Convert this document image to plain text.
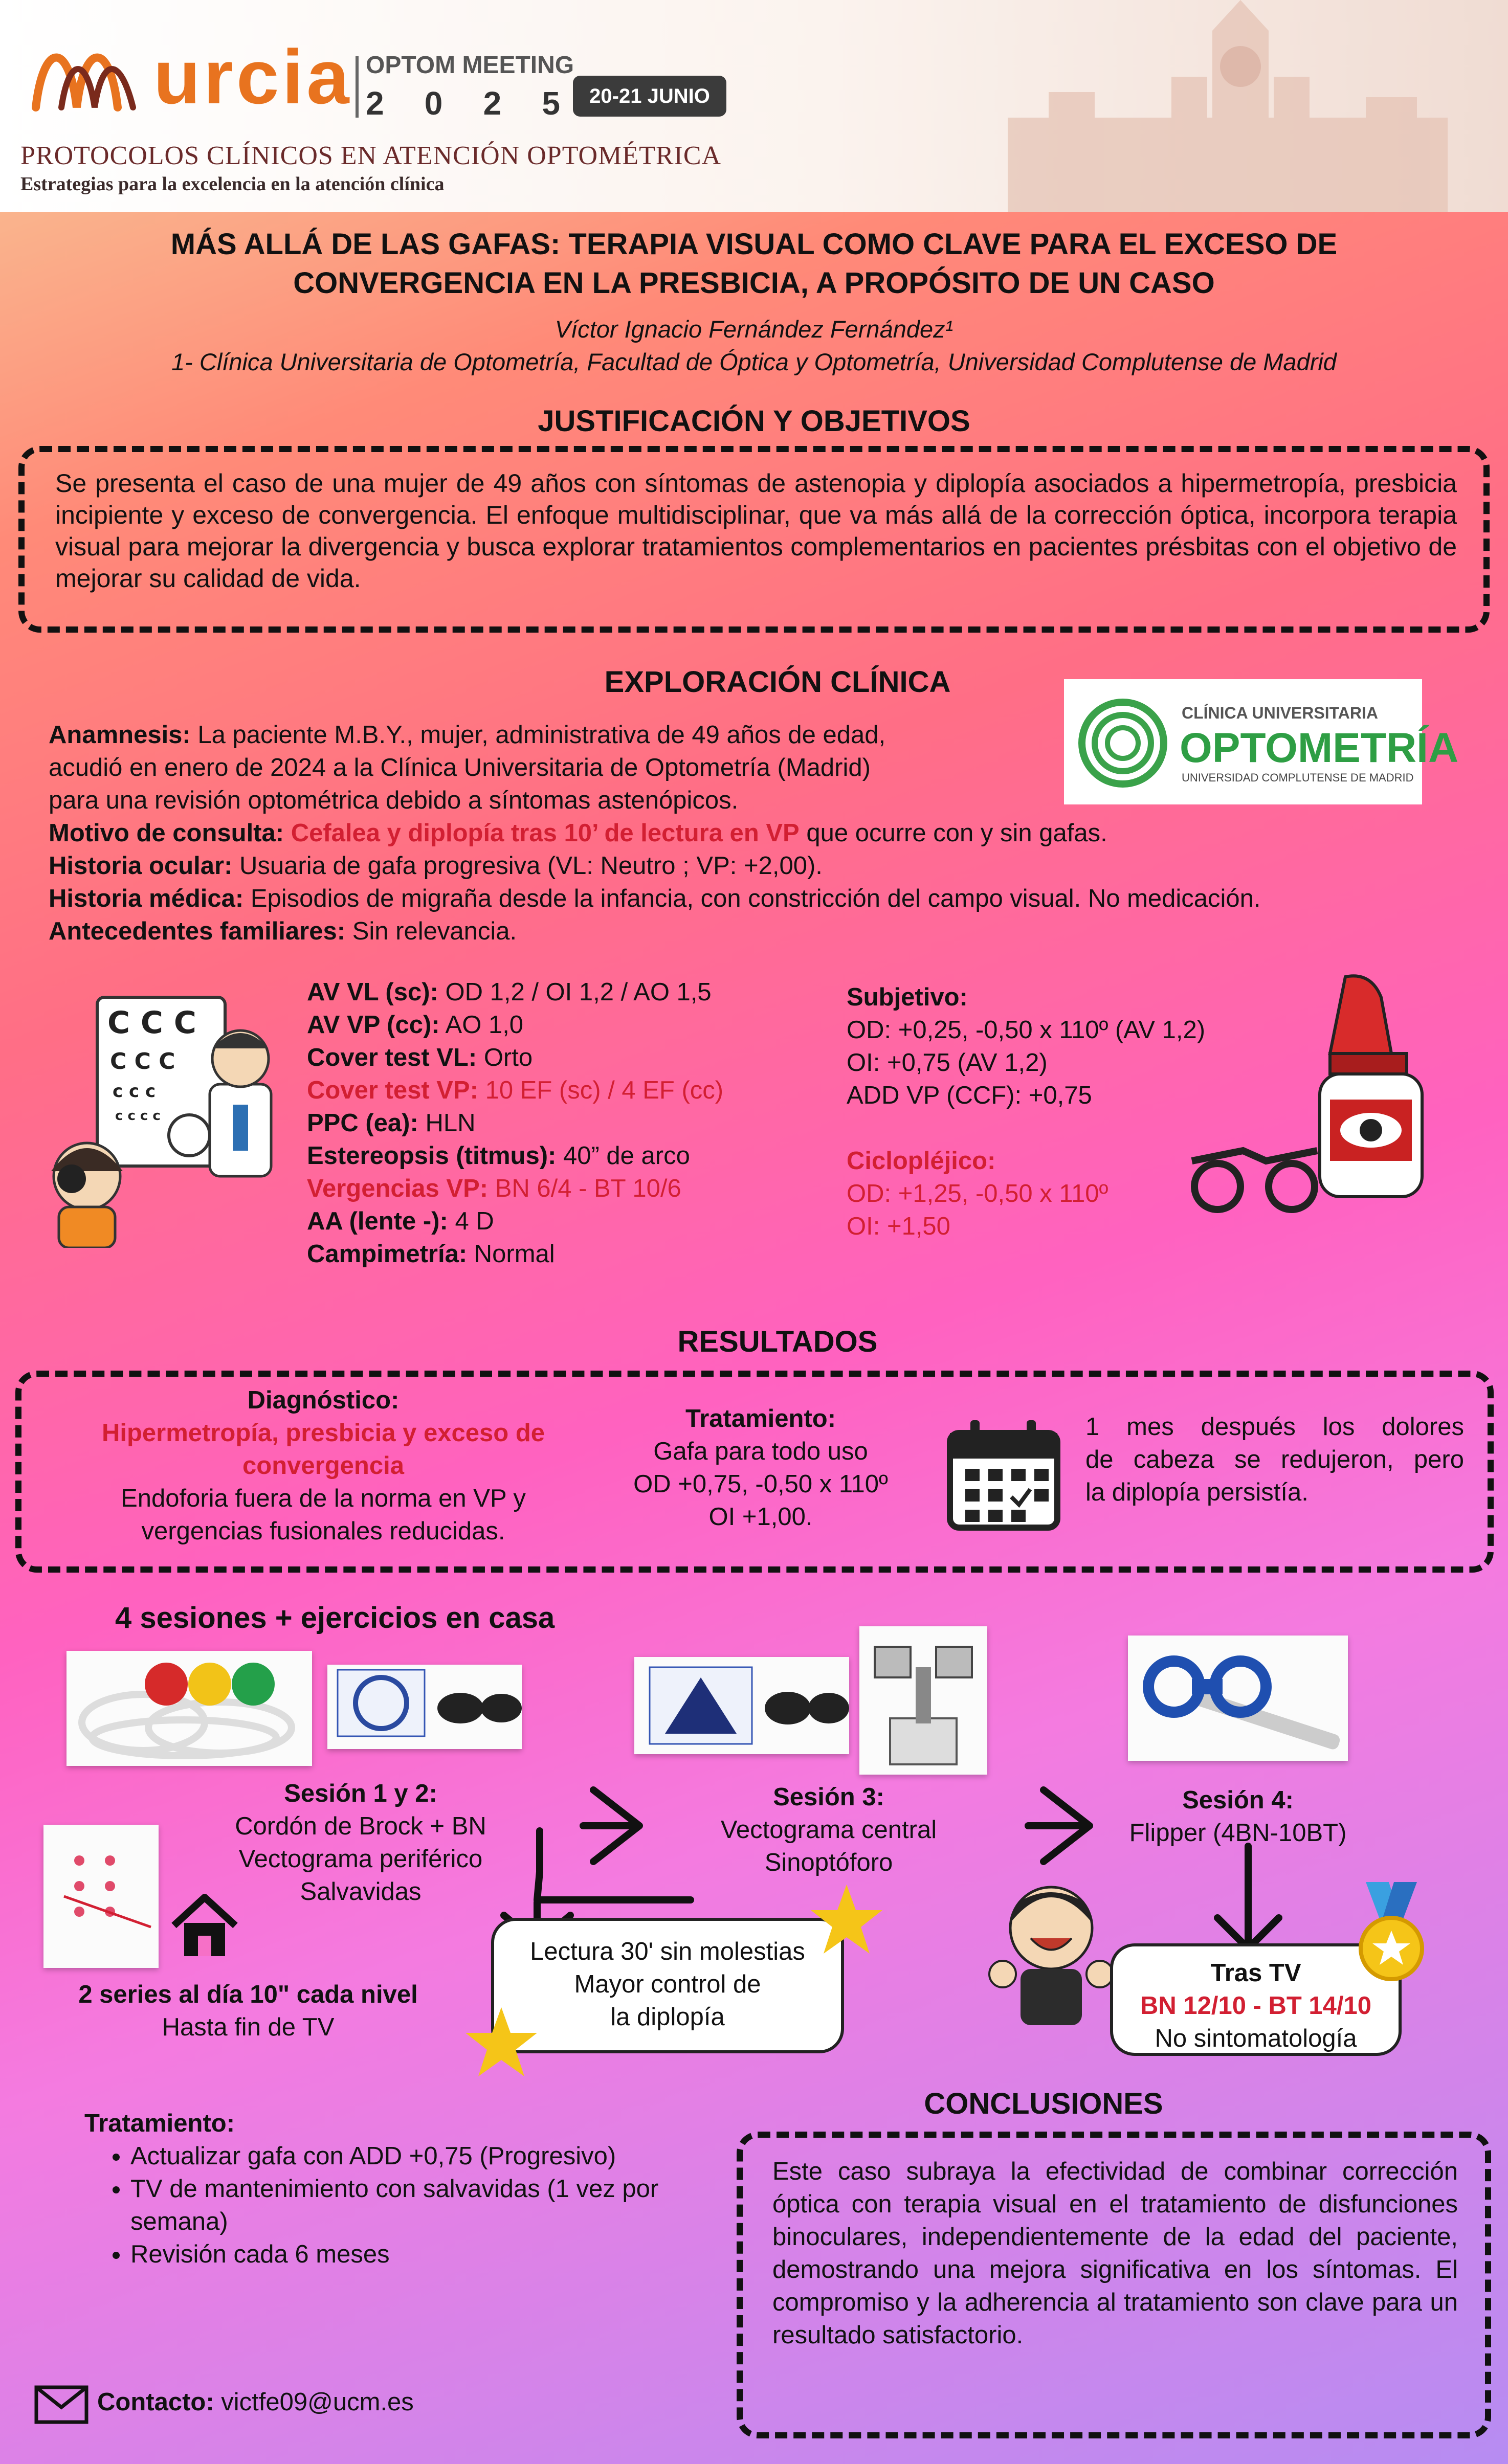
urcia OPTOM MEETING
2 0 2 5	20-21 JUNIO
PROTOCOLOS CLÍNICOS EN ATENCIÓN OPTOMÉTRICA
Estrategias para la excelencia en la atención clínica
MÁS ALLÁ DE LAS GAFAS: TERAPIA VISUAL COMO CLAVE PARA EL EXCESO DE
CONVERGENCIA EN LA PRESBICIA, A PROPÓSITO DE UN CASO
Víctor Ignacio Fernández Fernández¹
1- Clínica Universitaria de Optometría, Facultad de Óptica y Optometría, Universidad Complutense de Madrid
JUSTIFICACIÓN Y OBJETIVOS
Se presenta el caso de una mujer de 49 años con síntomas de astenopia y diplopía asociados a hipermetropía, presbicia incipiente y exceso de convergencia. El enfoque multidisciplinar, que va más allá de la corrección óptica, incorpora terapia visual para mejorar la divergencia y busca explorar tratamientos complementarios en pacientes présbitas con el objetivo de mejorar su calidad de vida.
EXPLORACIÓN CLÍNICA
CLÍNICA UNIVERSITARIA
OPTOMETRÍA
UNIVERSIDAD COMPLUTENSE DE MADRID
Anamnesis: La paciente M.B.Y., mujer, administrativa de 49 años de edad,
acudió en enero de 2024 a la Clínica Universitaria de Optometría (Madrid)
para una revisión optométrica debido a síntomas astenópicos.
Motivo de consulta: Cefalea y diplopía tras 10’ de lectura en VP que ocurre con y sin gafas.
Historia ocular: Usuaria de gafa progresiva (VL: Neutro ; VP: +2,00).
Historia médica: Episodios de migraña desde la infancia, con constricción del campo visual. No medicación.
Antecedentes familiares: Sin relevancia.
C C C
C C C
c c c
c c c c
AV VL (sc): OD 1,2 / OI 1,2 / AO 1,5
AV VP (cc): AO 1,0
Cover test VL: Orto
Cover test VP: 10 EF (sc) / 4 EF (cc)
PPC (ea): HLN
Estereopsis (titmus): 40” de arco
Vergencias VP: BN 6/4 - BT 10/6
AA (lente -): 4 D
Campimetría: Normal
Subjetivo:
OD: +0,25, -0,50 x 110º (AV 1,2)
OI: +0,75 (AV 1,2)
ADD VP (CCF): +0,75
Ciclopléjico:
OD: +1,25, -0,50 x 110º
OI: +1,50
RESULTADOS
Diagnóstico:
Hipermetropía, presbicia y exceso de
convergencia
Endoforia fuera de la norma en VP y
vergencias fusionales reducidas.
Tratamiento:
Gafa para todo uso
OD +0,75, -0,50 x 110º
OI +1,00.
1 mes después los dolores
de cabeza se redujeron, pero
la diplopía persistía.
4 sesiones + ejercicios en casa
Sesión 1 y 2:
Cordón de Brock + BN
Vectograma periférico
Salvavidas
Sesión 3:
Vectograma central
Sinoptóforo
Sesión 4:
Flipper (4BN-10BT)
2 series al día 10" cada nivel
Hasta fin de TV
Lectura 30' sin molestias
Mayor control de
la diplopía
Tras TV
BN 12/10 - BT 14/10
No sintomatología
Tratamiento:
• Actualizar gafa con ADD +0,75 (Progresivo)
• TV de mantenimiento con salvavidas (1 vez por semana)
• Revisión cada 6 meses
CONCLUSIONES
Este caso subraya la efectividad de combinar corrección óptica con terapia visual en el tratamiento de disfunciones binoculares, independientemente de la edad del paciente, demostrando una mejora significativa en los síntomas. El compromiso y la adherencia al tratamiento son clave para un resultado satisfactorio.
Contacto: victfe09@ucm.es
